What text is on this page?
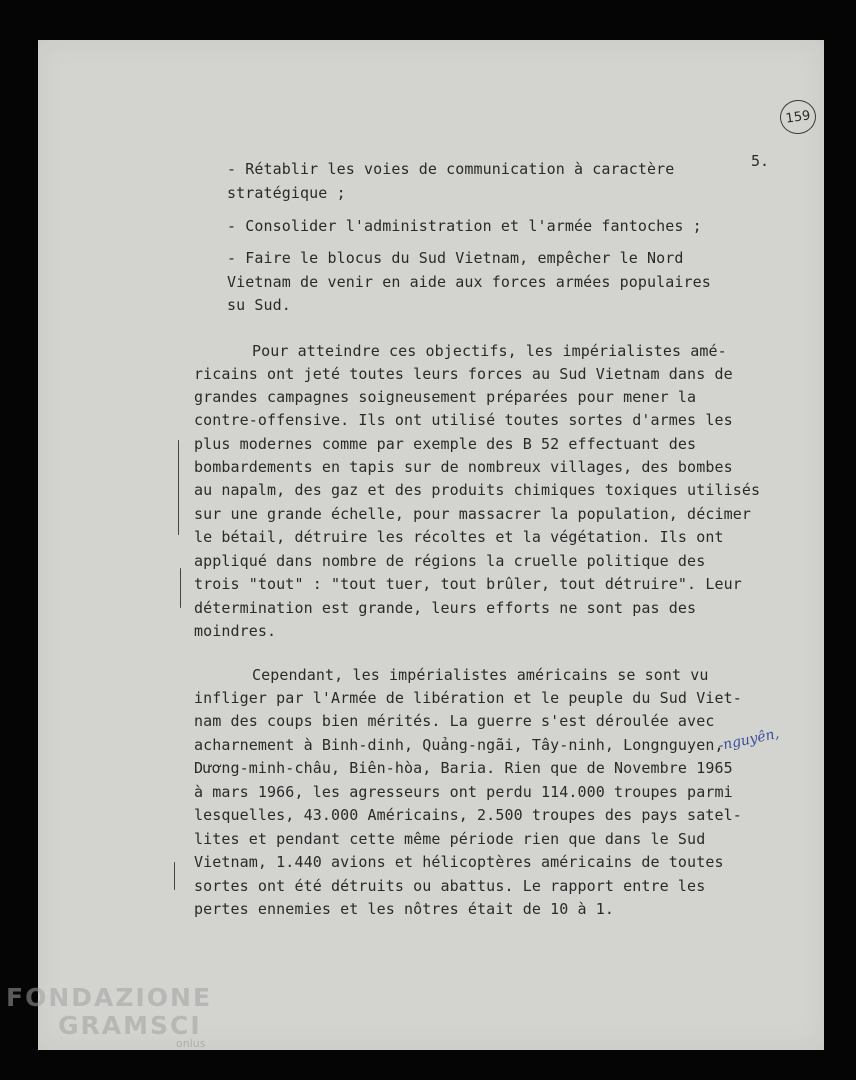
159
5.
- Rétablir les voies de communication à caractère
stratégique ;
- Consolider l'administration et l'armée fantoches ;
- Faire le blocus du Sud Vietnam, empêcher le Nord
Vietnam de venir en aide aux forces armées populaires
su Sud.
Pour atteindre ces objectifs, les impérialistes amé-
ricains ont jeté toutes leurs forces au Sud Vietnam dans de
grandes campagnes soigneusement préparées pour mener la
contre-offensive. Ils ont utilisé toutes sortes d'armes les
plus modernes comme par exemple des B 52 effectuant des
bombardements en tapis sur de nombreux villages, des bombes
au napalm, des gaz et des produits chimiques toxiques utilisés
sur une grande échelle, pour massacrer la population, décimer
le bétail, détruire les récoltes et la végétation. Ils ont
appliqué dans nombre de régions la cruelle politique des
trois "tout" : "tout tuer, tout brûler, tout détruire". Leur
détermination est grande, leurs efforts ne sont pas des
moindres.
Cependant, les impérialistes américains se sont vu
infliger par l'Armée de libération et le peuple du Sud Viet-
nam des coups bien mérités. La guerre s'est déroulée avec
acharnement à Binh-dinh, Quảng-ngãi, Tây-ninh, Longnguyen,
Dương-minh-châu, Biên-hòa, Baria. Rien que de Novembre 1965
à mars 1966, les agresseurs ont perdu 114.000 troupes parmi
lesquelles, 43.000 Américains, 2.500 troupes des pays satel-
lites et pendant cette même période rien que dans le Sud
Vietnam, 1.440 avions et hélicoptères américains de toutes
sortes ont été détruits ou abattus. Le rapport entre les
pertes ennemies et les nôtres était de 10 à 1.
-nguyên,
FONDAZIONE
GRAMSCI
onlus
